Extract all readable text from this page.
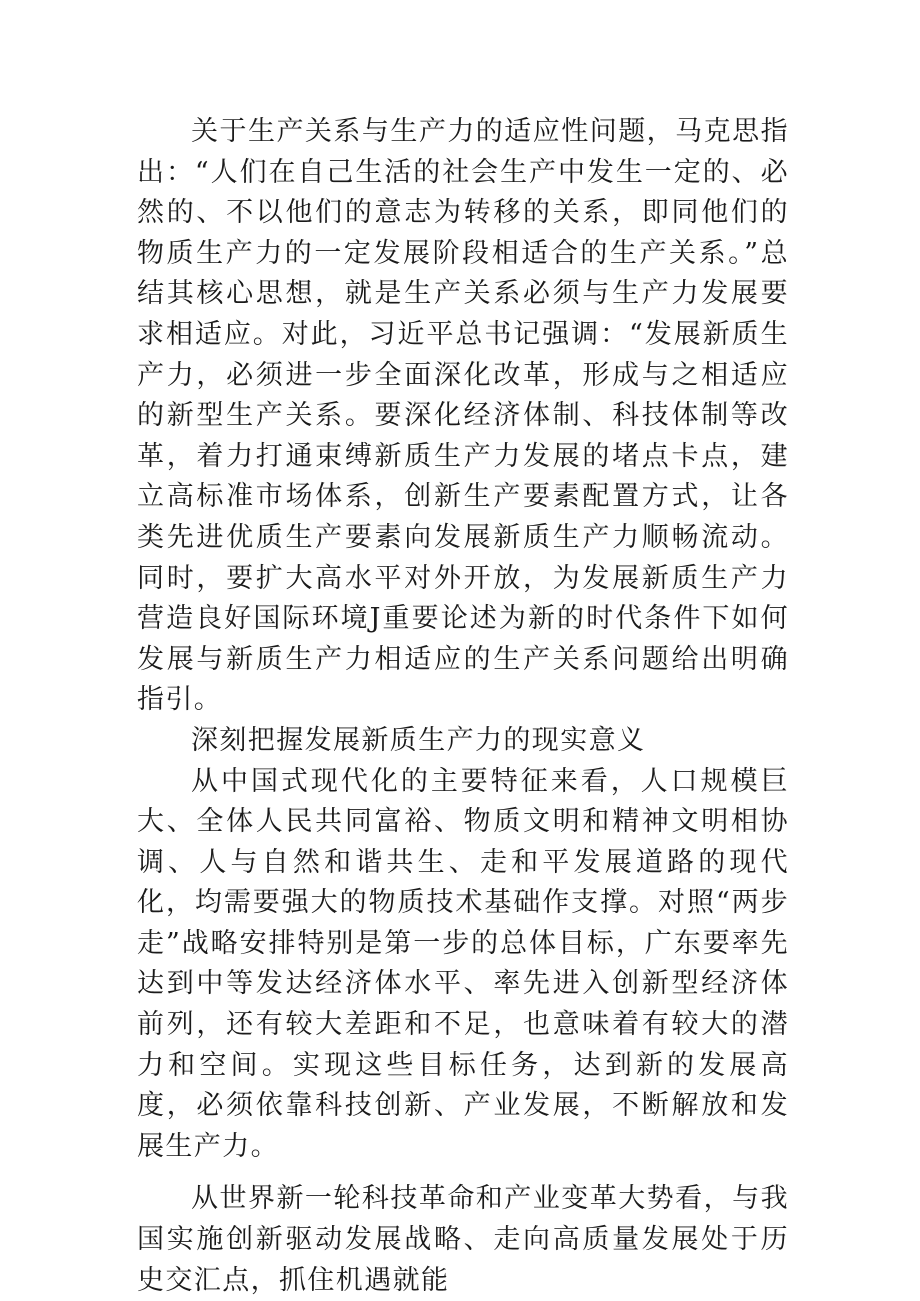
关于生产关系与生产力的适应性问题，马克思指出：“人们在自己生活的社会生产中发生一定的、必然的、不以他们的意志为转移的关系，即同他们的物质生产力的一定发展阶段相适合的生产关系。”总结其核心思想，就是生产关系必须与生产力发展要求相适应。对此，习近平总书记强调：“发展新质生产力，必须进一步全面深化改革，形成与之相适应的新型生产关系。要深化经济体制、科技体制等改革，着力打通束缚新质生产力发展的堵点卡点，建立高标准市场体系，创新生产要素配置方式，让各类先进优质生产要素向发展新质生产力顺畅流动。同时，要扩大高水平对外开放，为发展新质生产力营造良好国际环境J重要论述为新的时代条件下如何发展与新质生产力相适应的生产关系问题给出明确指引。

深刻把握发展新质生产力的现实意义

从中国式现代化的主要特征来看，人口规模巨大、全体人民共同富裕、物质文明和精神文明相协调、人与自然和谐共生、走和平发展道路的现代化，均需要强大的物质技术基础作支撑。对照“两步走”战略安排特别是第一步的总体目标，广东要率先达到中等发达经济体水平、率先进入创新型经济体前列，还有较大差距和不足，也意味着有较大的潜力和空间。实现这些目标任务，达到新的发展高度，必须依靠科技创新、产业发展，不断解放和发展生产力。

从世界新一轮科技革命和产业变革大势看，与我国实施创新驱动发展战略、走向高质量发展处于历史交汇点，抓住机遇就能
